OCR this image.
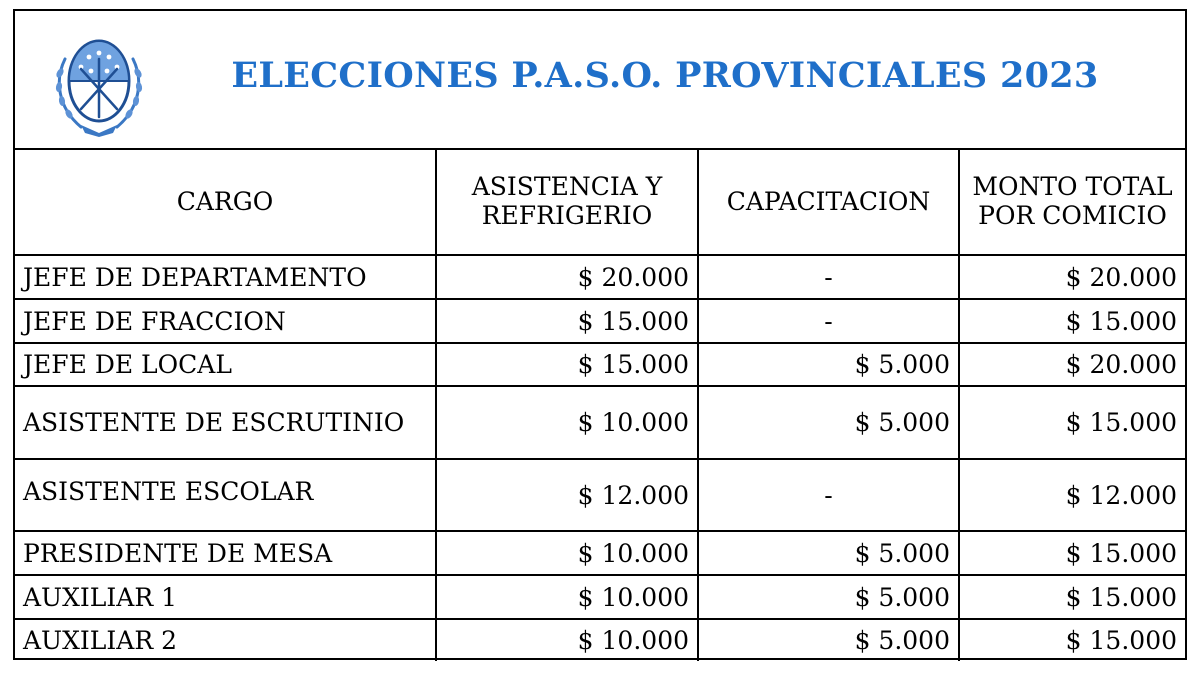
ELECCIONES P.A.S.O. PROVINCIALES 2023
CARGO	ASISTENCIA Y REFRIGERIO	CAPACITACION	MONTO TOTAL POR COMICIO
JEFE DE DEPARTAMENTO	$ 20.000	-	$ 20.000
JEFE DE FRACCION	$ 15.000	-	$ 15.000
JEFE DE LOCAL	$ 15.000	$ 5.000	$ 20.000
ASISTENTE DE ESCRUTINIO	$ 10.000	$ 5.000	$ 15.000
ASISTENTE ESCOLAR	$ 12.000	-	$ 12.000
PRESIDENTE DE MESA	$ 10.000	$ 5.000	$ 15.000
AUXILIAR 1	$ 10.000	$ 5.000	$ 15.000
AUXILIAR 2	$ 10.000	$ 5.000	$ 15.000
